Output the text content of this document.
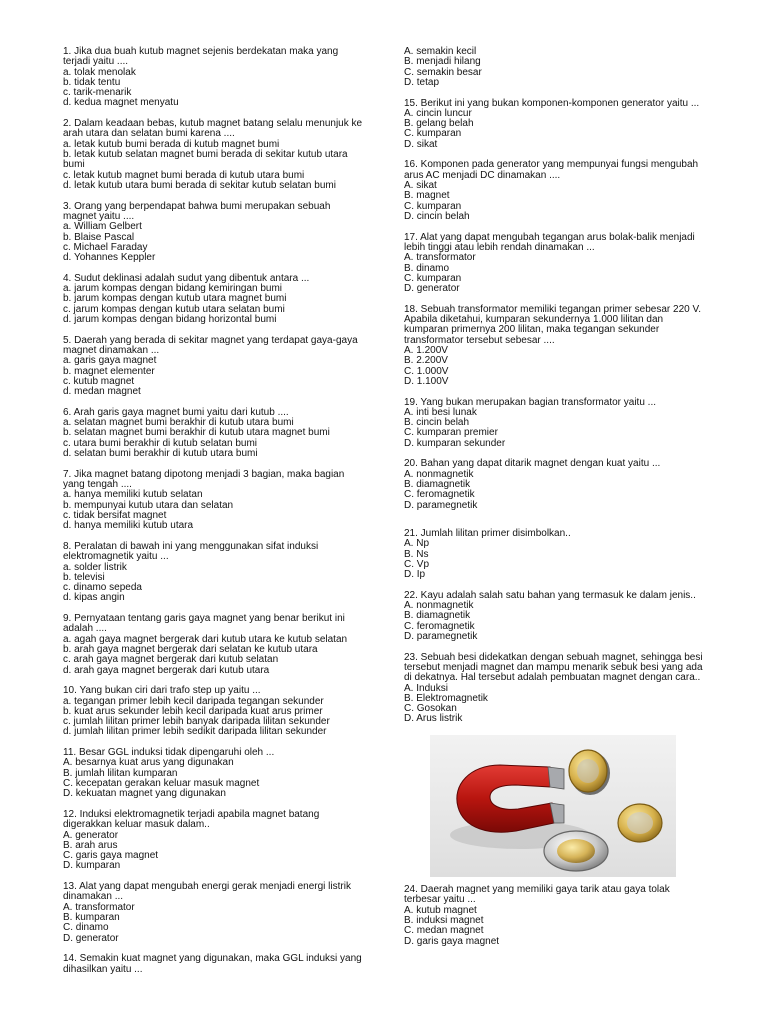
1. Jika dua buah kutub magnet sejenis berdekatan maka yang terjadi yaitu ....
a. tolak menolak
b. tidak tentu
c. tarik-menarik
d. keduа magnet menyatu
2. Dalam keadaan bebas, kutub magnet batang selalu menunjuk ke arah utara dan selatan bumi karena ....
a. letak kutub bumi berada di kutub magnet bumi
b. letak kutub selatan magnet bumi berada di sekitar kutub utara bumi
c. letak kutub magnet bumi berada di kutub utara bumi
d. letak kutub utara bumi berada di sekitar kutub selatan bumi
3. Orang yang berpendapat bahwa bumi merupakan sebuah magnet yaitu ....
a. William Gelbert
b. Blaise Pascal
c. Michael Faraday
d. Yohannes Keppler
4. Sudut deklinasi adalah sudut yang dibentuk antara ...
a. jarum kompas dengan bidang kemiringan bumi
b. jarum kompas dengan kutub utara magnet bumi
c. jarum kompas dengan kutub utara selatan bumi
d. jarum kompas dengan bidang horizontal bumi
5. Daerah yang berada di sekitar magnet yang terdapat gaya-gaya magnet dinamakan ...
a. garis gaya magnet
b. magnet elementer
c. kutub magnet
d. medan magnet
6. Arah garis gaya magnet bumi yaitu dari kutub ....
a. selatan magnet bumi berakhir di kutub utara bumi
b. selatan magnet bumi berakhir di kutub utara magnet bumi
c. utara bumi berakhir di kutub selatan bumi
d. selatan bumi berakhir di kutub utara bumi
7. Jika magnet batang dipotong menjadi 3 bagian, maka bagian yang tengah ....
a. hanya memiliki kutub selatan
b. mempunyai kutub utara dan selatan
c. tidak bersifat magnet
d. hanya memiliki kutub utara
8. Peralatan di bawah ini yang menggunakan sifat induksi elektromagnetik yaitu ...
a. solder listrik
b. televisi
c. dinamo sepeda
d. kipas angin
9. Pernyataan tentang garis gaya magnet yang benar berikut ini adalah ....
a. agah gaya magnet bergerak dari kutub utara ke kutub selatan
b. arah gaya magnet bergerak dari selatan ke kutub utara
c. arah gaya magnet bergerak dari kutub selatan
d. arah gaya magnet bergerak dari kutub utara
10. Yang bukan ciri dari trafo step up yaitu ...
a. tegangan primer lebih kecil daripada tegangan sekunder
b. kuat arus sekunder lebih kecil daripada kuat arus primer
c. jumlah lilitan primer lebih banyak daripada lilitan sekunder
d. jumlah lilitan primer lebih sedikit daripada lilitan sekunder
11. Besar GGL induksi tidak dipengaruhi oleh ...
A. besarnya kuat arus yang digunakan
B. jumlah lilitan kumparan
C. kecepatan gerakan keluar masuk magnet
D. kekuatan magnet yang digunakan
12. Induksi elektromagnetik terjadi apabila magnet batang digerakkan keluar masuk dalam..
A. generator
B. arah arus
C. garis gaya magnet
D. kumparan
13. Alat yang dapat mengubah energi gerak menjadi energi listrik dinamakan ...
A. transformator
B. kumparan
C. dinamo
D. generator
14. Semakin kuat magnet yang digunakan, maka GGL induksi yang dihasilkan yaitu ...
A. semakin kecil
B. menjadi hilang
C. semakin besar
D. tetap
15. Berikut ini yang bukan komponen-komponen generator yaitu ...
A. cincin luncur
B. gelang belah
C. kumparan
D. sikat
16. Komponen pada generator yang mempunyai fungsi mengubah arus AC menjadi DC dinamakan ....
A. sikat
B. magnet
C. kumparan
D. cincin belah
17. Alat yang dapat mengubah tegangan arus bolak-balik menjadi lebih tinggi atau lebih rendah dinamakan ...
A. transformator
B. dinamo
C. kumparan
D. generator
18. Sebuah transformator memiliki tegangan primer sebesar 220 V. Apabila diketahui, kumparan sekundernya 1.000 lilitan dan kumparan primernya 200 lilitan, maka tegangan sekunder transformator tersebut sebesar ....
A. 1.200V
B. 2.200V
C. 1.000V
D. 1.100V
19. Yang bukan merupakan bagian transformator yaitu ...
A. inti besi lunak
B. cincin belah
C. kumparan premier
D. kumparan sekunder
20. Bahan yang dapat ditarik magnet dengan kuat yaitu ...
A. nonmagnetik
B. diamagnetik
C. feromagnetik
D. paramegnetik
21. Jumlah lilitan primer disimbolkan..
A. Np
B. Ns
C. Vp
D. Ip
22. Kayu adalah salah satu bahan yang termasuk ke dalam jenis..
A. nonmagnetik
B. diamagnetik
C. feromagnetik
D. paramegnetik
23. Sebuah besi didekatkan dengan sebuah magnet, sehingga besi tersebut menjadi magnet dan mampu menarik sebuk besi yang ada di dekatnya. Hal tersebut adalah pembuatan magnet dengan cara..
A. Induksi
B. Elektromagnetik
C. Gosokan
D. Arus listrik
24. Daerah magnet yang memiliki gaya tarik atau gaya tolak terbesar yaitu ...
A. kutub magnet
B. induksi magnet
C. medan magnet
D. garis gaya magnet
